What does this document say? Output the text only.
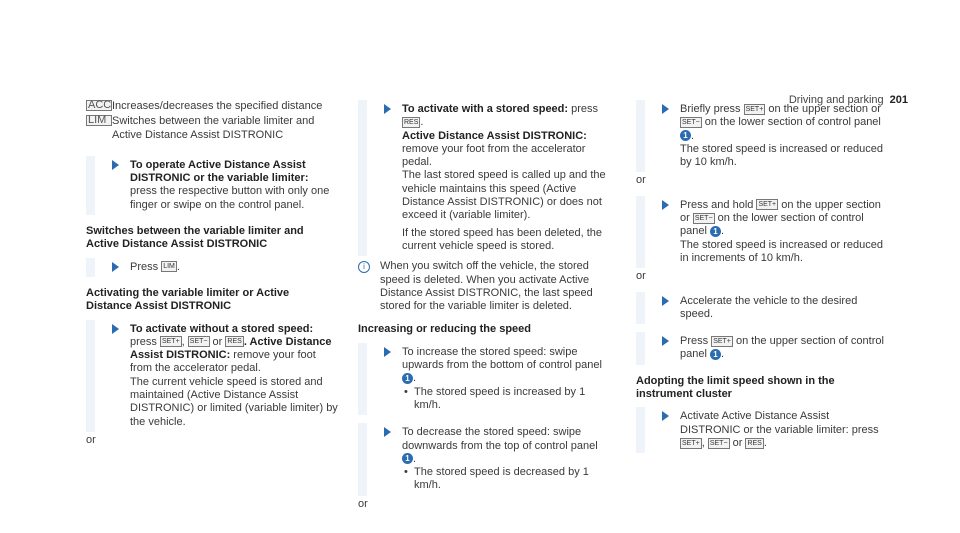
Driving and parking 201
ACC Increases/decreases the specified distance
LIM Switches between the variable limiter and Active Distance Assist DISTRONIC
To operate Active Distance Assist DISTRONIC or the variable limiter: press the respective button with only one finger or swipe on the control panel.
Switches between the variable limiter and Active Distance Assist DISTRONIC
Press LIM .
Activating the variable limiter or Active Distance Assist DISTRONIC
To activate without a stored speed: press SET+ , SET− or RES . Active Distance Assist DISTRONIC: remove your foot from the accelerator pedal.
The current vehicle speed is stored and maintained (Active Distance Assist DISTRONIC) or limited (variable limiter) by the vehicle.
or
To activate with a stored speed: press RES .
Active Distance Assist DISTRONIC: remove your foot from the accelerator pedal.
The last stored speed is called up and the vehicle maintains this speed (Active Distance Assist DISTRONIC) or does not exceed it (variable limiter).
If the stored speed has been deleted, the current vehicle speed is stored.
i	When you switch off the vehicle, the stored speed is deleted. When you activate Active Distance Assist DISTRONIC, the last speed stored for the variable limiter is deleted.
Increasing or reducing the speed
To increase the stored speed: swipe upwards from the bottom of control panel 1 .
• The stored speed is increased by 1 km/h.
To decrease the stored speed: swipe downwards from the top of control panel 1 .
• The stored speed is decreased by 1 km/h.
or
Briefly press SET+ on the upper section or SET− on the lower section of control panel 1 .
The stored speed is increased or reduced by 10 km/h.
or
Press and hold SET+ on the upper section or SET− on the lower section of control panel 1 .
The stored speed is increased or reduced in increments of 10 km/h.
or
Accelerate the vehicle to the desired speed.
Press SET+ on the upper section of control panel 1 .
Adopting the limit speed shown in the instrument cluster
Activate Active Distance Assist DISTRONIC or the variable limiter: press SET+ , SET− or RES .
